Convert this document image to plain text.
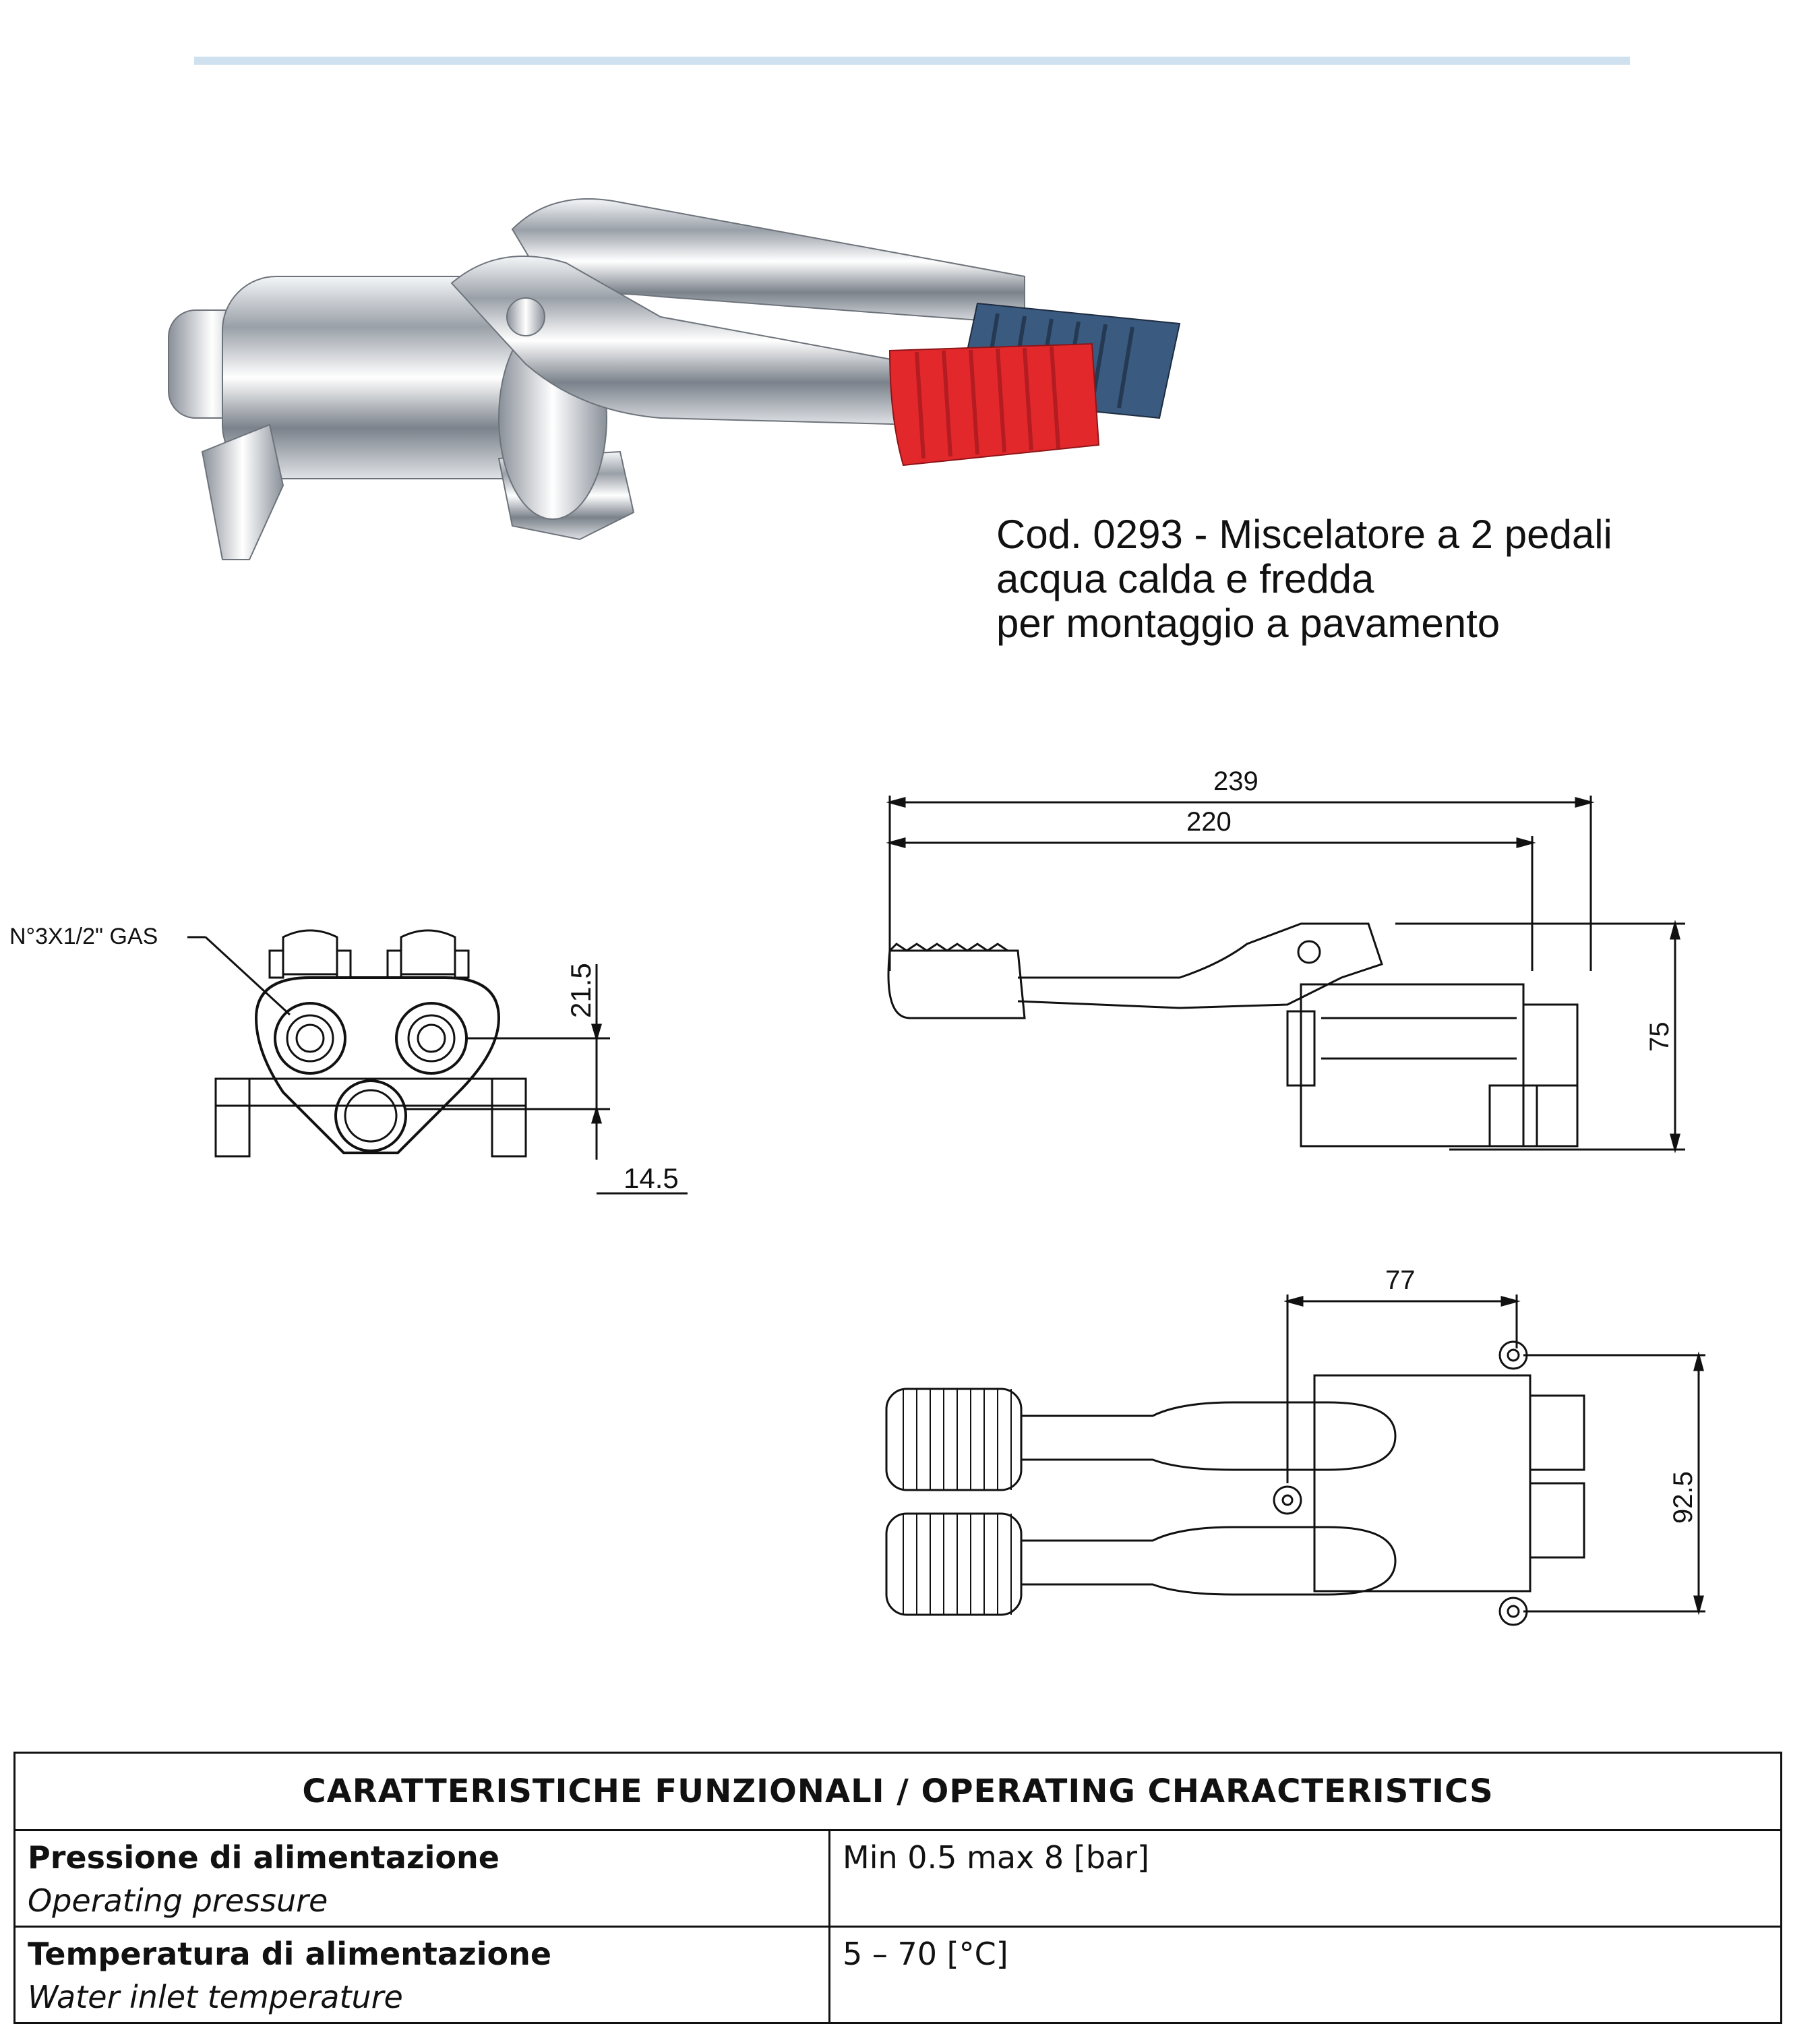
Cod. 0293 - Miscelatore a 2 pedali
acqua calda e fredda
per montaggio a pavamento
N°3X1/2" GAS
21.5
14.5
239
220
75
77
92.5
CARATTERISTICHE FUNZIONALI / OPERATING CHARACTERISTICS	

Pressione di alimentazione
Operating pressure	Min 0.5 max 8 [bar]

Temperatura di alimentazione
Water inlet temperature	5 – 70 [°C]
